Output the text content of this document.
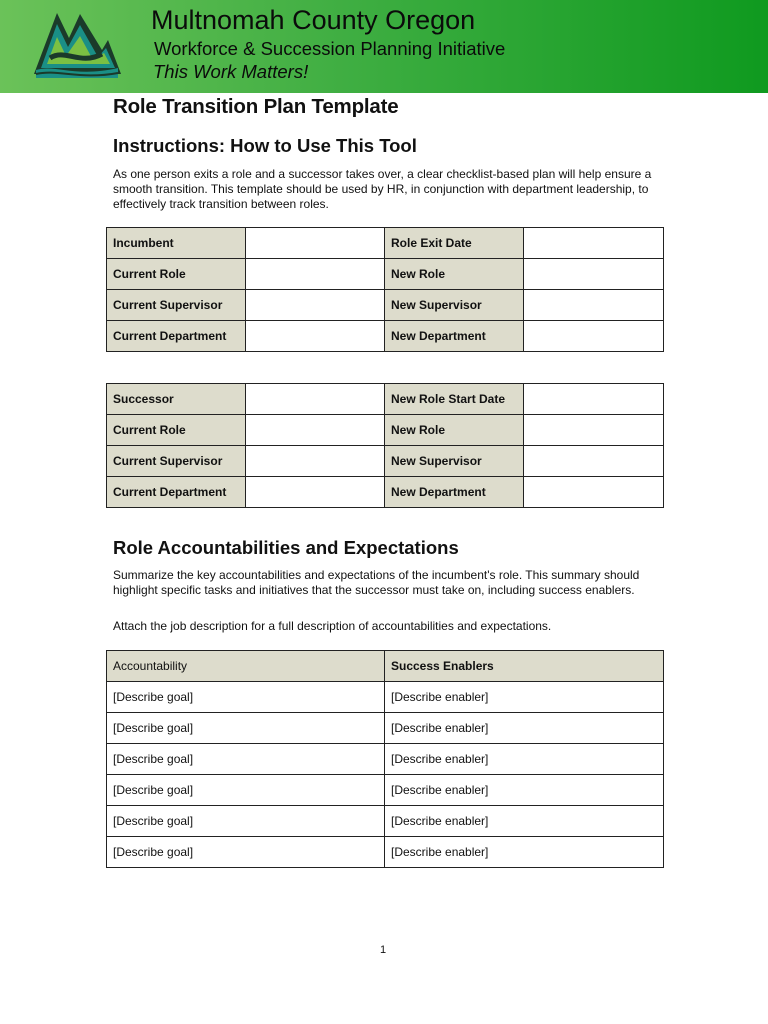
Multnomah County Oregon
Workforce & Succession Planning Initiative
This Work Matters!
Role Transition Plan Template
Instructions: How to Use This Tool

As one person exits a role and a successor takes over, a clear checklist-based plan will help ensure a smooth transition. This template should be used by HR, in conjunction with department leadership, to effectively track transition between roles.

Incumbent		Role Exit Date	
Current Role		New Role	
Current Supervisor		New Supervisor	
Current Department		New Department	
Successor		New Role Start Date	
Current Role		New Role	
Current Supervisor		New Supervisor	
Current Department		New Department	
Role Accountabilities and Expectations

Summarize the key accountabilities and expectations of the incumbent's role. This summary should highlight specific tasks and initiatives that the successor must take on, including success enablers.

Attach the job description for a full description of accountabilities and expectations.

Accountability	Success Enablers
[Describe goal]	[Describe enabler]
[Describe goal]	[Describe enabler]
[Describe goal]	[Describe enabler]
[Describe goal]	[Describe enabler]
[Describe goal]	[Describe enabler]
[Describe goal]	[Describe enabler]
1
